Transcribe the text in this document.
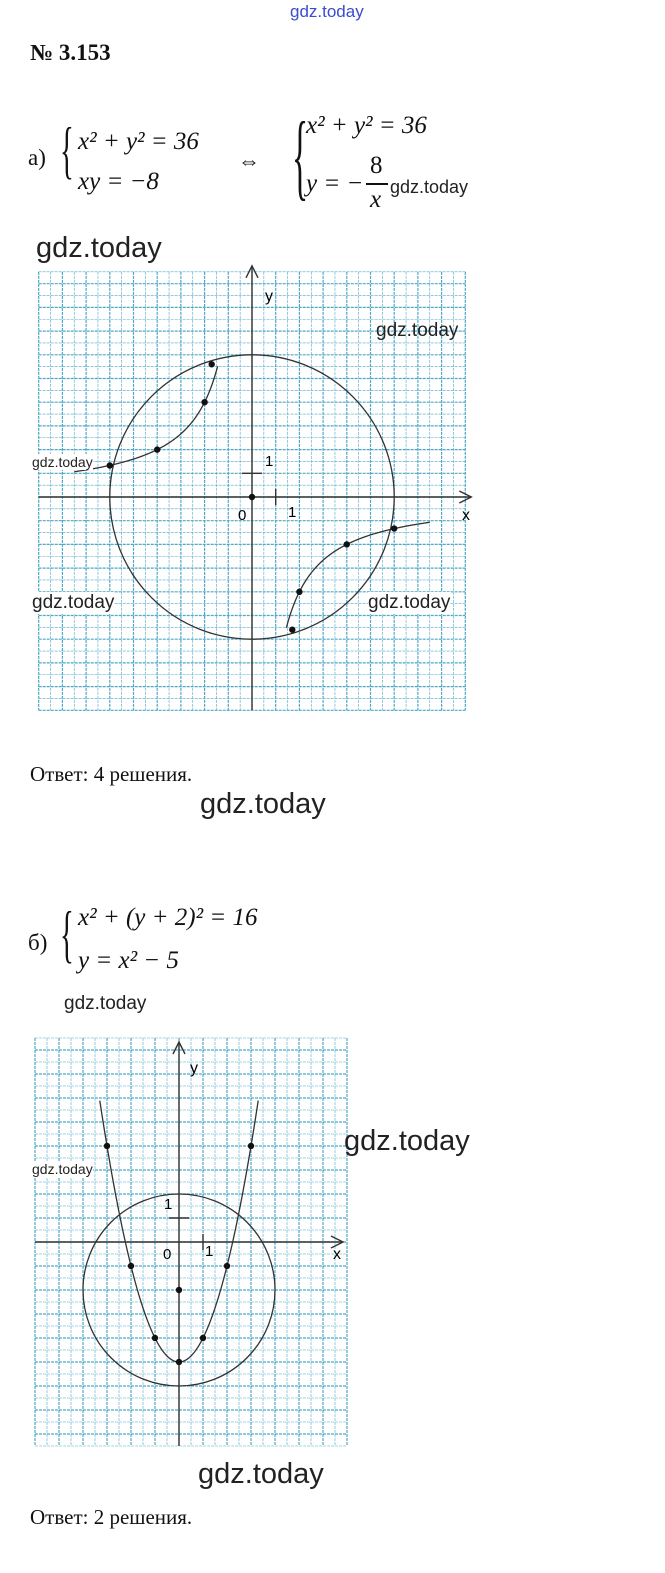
gdz.today
№ 3.153
а) { x² + y² = 36
xy = −8
⇔ {
x² + y² = 36
y = −
8
x gdz.today
gdz.today
x
y
1
1
0
gdz.today
gdz.today
gdz.today	gdz.today
Ответ: 4 решения.
gdz.today
б) { x² + (y + 2)² = 16
y = x² − 5
gdz.today
x
y
1
1
0
gdz.today
gdz.today
gdz.today
Ответ: 2 решения.
